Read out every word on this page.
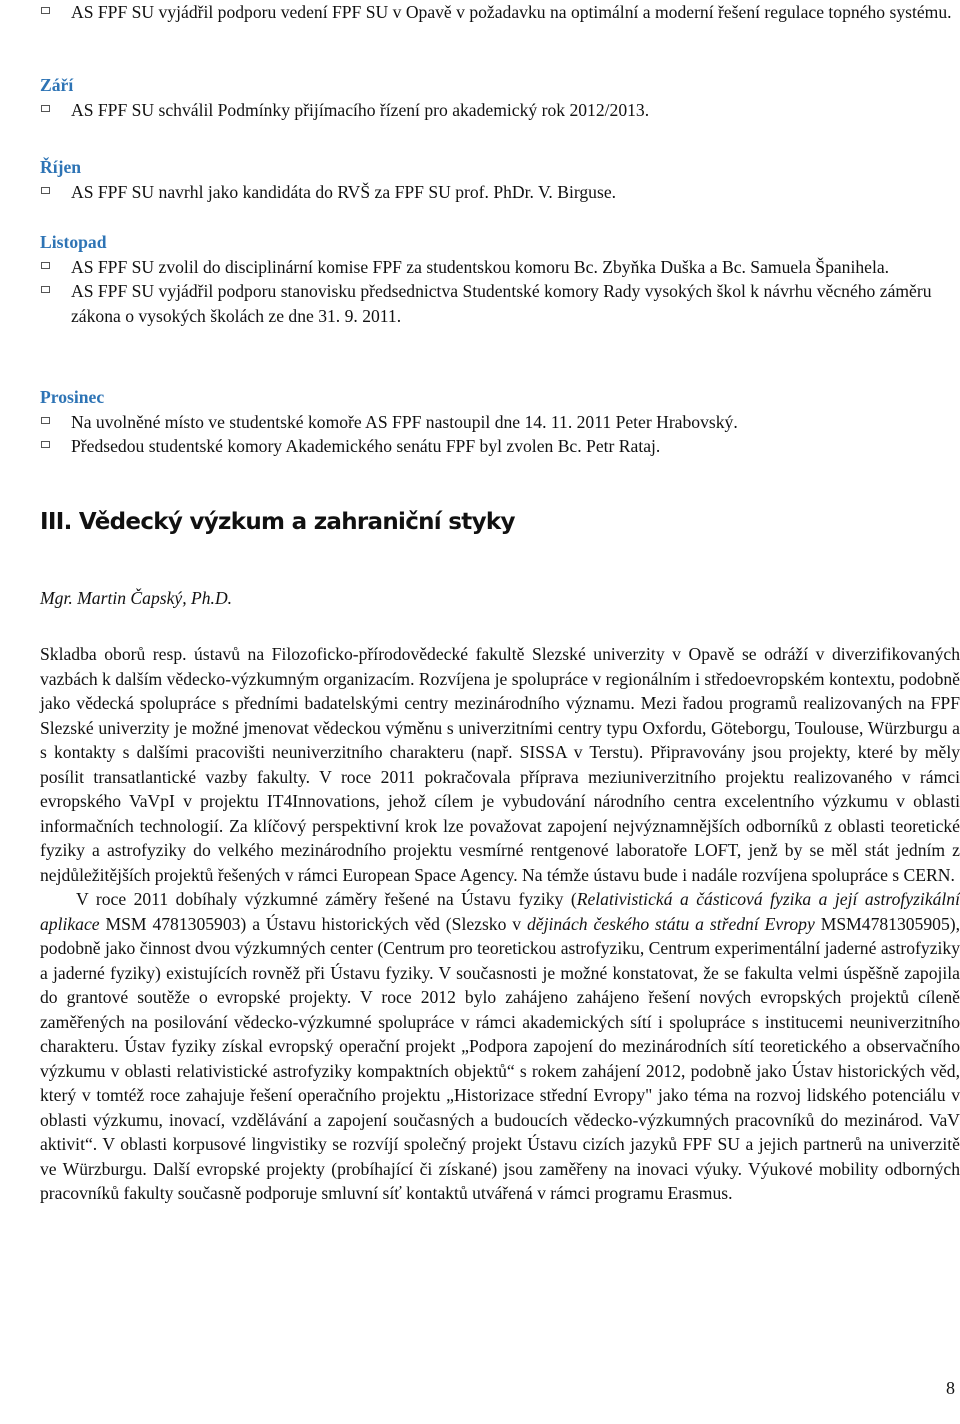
AS FPF SU vyjádřil podporu vedení FPF SU v Opavě v požadavku na optimální a moderní řešení regulace topného systému.
Září
AS FPF SU schválil Podmínky přijímacího řízení pro akademický rok 2012/2013.
Říjen
AS FPF SU navrhl jako kandidáta do RVŠ za FPF SU prof. PhDr. V. Birguse.
Listopad
AS FPF SU zvolil do disciplinární komise FPF za studentskou komoru Bc. Zbyňka Duška a Bc. Samuela Španihela.
AS FPF SU vyjádřil podporu stanovisku předsednictva Studentské komory Rady vysokých škol k návrhu věcného záměru zákona o vysokých školách ze dne 31. 9. 2011.
Prosinec
Na uvolněné místo ve studentské komoře AS FPF nastoupil dne 14. 11. 2011 Peter Hrabovský.
Předsedou studentské komory Akademického senátu FPF byl zvolen Bc. Petr Rataj.
III. Vědecký výzkum a zahraniční styky
Mgr. Martin Čapský, Ph.D.

Skladba oborů resp. ústavů na Filozoficko-přírodovědecké fakultě Slezské univerzity v Opavě se odráží v diverzifikovaných vazbách k dalším vědecko-výzkumným organizacím. Rozvíjena je spolupráce v regionálním i středoevropském kontextu, podobně jako vědecká spolupráce s předními badatelskými centry mezinárodního významu. Mezi řadou programů realizovaných na FPF Slezské univerzity je možné jmenovat vědeckou výměnu s univerzitními centry typu Oxfordu, Göteborgu, Toulouse, Würzburgu a s kontakty s dalšími pracovišti neuniverzitního charakteru (např. SISSA v Terstu). Připravovány jsou projekty, které by měly posílit transatlantické vazby fakulty. V roce 2011 pokračovala příprava meziuniverzitního projektu realizovaného v rámci evropského VaVpI v projektu IT4Innovations, jehož cílem je vybudování národního centra excelentního výzkumu v oblasti informačních technologií. Za klíčový perspektivní krok lze považovat zapojení nejvýznamnějších odborníků z oblasti teoretické fyziky a astrofyziky do velkého mezinárodního projektu vesmírné rentgenové laboratoře LOFT, jenž by se měl stát jedním z nejdůležitějších projektů řešených v rámci European Space Agency. Na témže ústavu bude i nadále rozvíjena spolupráce s CERN.

V roce 2011 dobíhaly výzkumné záměry řešené na Ústavu fyziky (Relativistická a částicová fyzika a její astrofyzikální aplikace MSM 4781305903) a Ústavu historických věd (Slezsko v dějinách českého státu a střední Evropy MSM4781305905), podobně jako činnost dvou výzkumných center (Centrum pro teoretickou astrofyziku, Centrum experimentální jaderné astrofyziky a jaderné fyziky) existujících rovněž při Ústavu fyziky. V současnosti je možné konstatovat, že se fakulta velmi úspěšně zapojila do grantové soutěže o evropské projekty. V roce 2012 bylo zahájeno zahájeno řešení nových evropských projektů cíleně zaměřených na posilování vědecko-výzkumné spolupráce v rámci akademických sítí i spolupráce s institucemi neuniverzitního charakteru. Ústav fyziky získal evropský operační projekt „Podpora zapojení do mezinárodních sítí teoretického a observačního výzkumu v oblasti relativistické astrofyziky kompaktních objektů“ s rokem zahájení 2012, podobně jako Ústav historických věd, který v tomtéž roce zahajuje řešení operačního projektu „Historizace střední Evropy" jako téma na rozvoj lidského potenciálu v oblasti výzkumu, inovací, vzdělávání a zapojení současných a budoucích vědecko-výzkumných pracovníků do mezinárod. VaV aktivit“. V oblasti korpusové lingvistiky se rozvíjí společný projekt Ústavu cizích jazyků FPF SU a jejich partnerů na univerzitě ve Würzburgu. Další evropské projekty (probíhající či získané) jsou zaměřeny na inovaci výuky. Výukové mobility odborných pracovníků fakulty současně podporuje smluvní síť kontaktů utvářená v rámci programu Erasmus.

8
